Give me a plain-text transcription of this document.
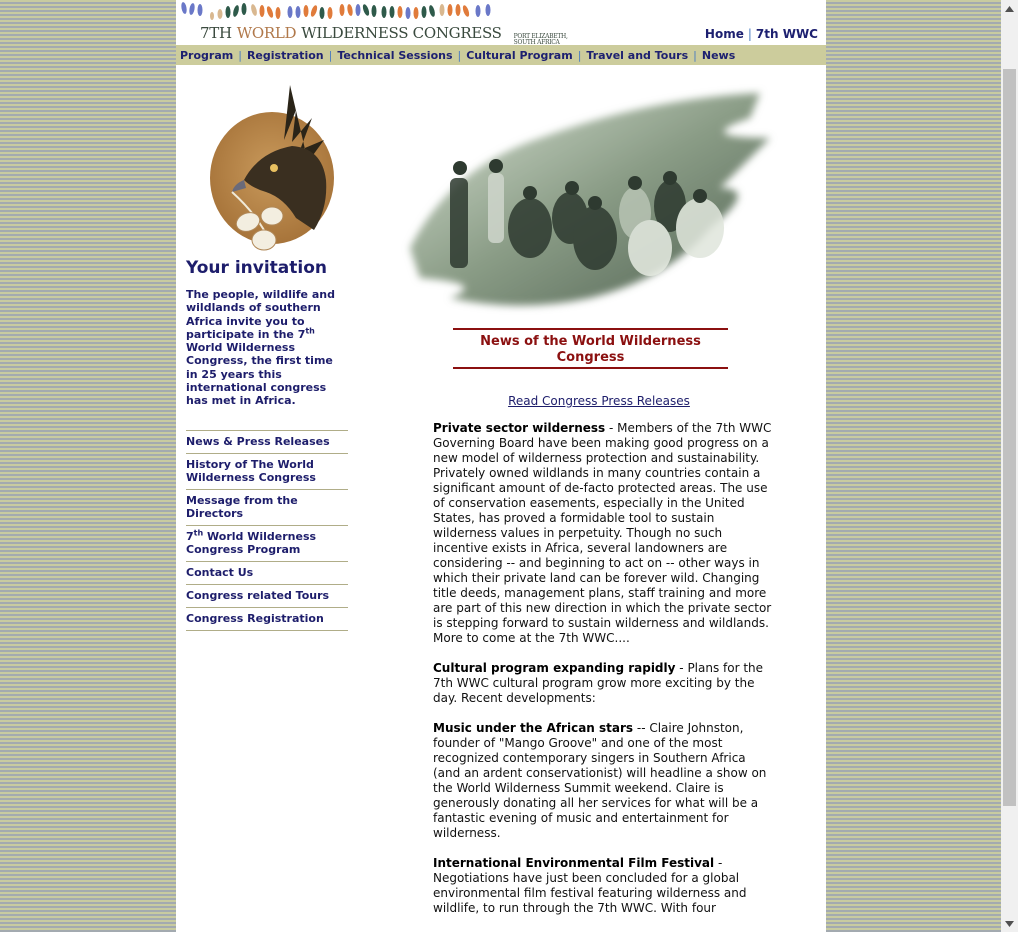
7TH WORLD WILDERNESS CONGRESS PORT ELIZABETH,
SOUTH AFRICA
Home | 7th WWC
Program | Registration | Technical Sessions | Cultural Program | Travel and Tours | News
Your invitation
The people, wildlife and wildlands of southern Africa invite you to participate in the 7th World Wilderness Congress, the first time in 25 years this international congress has met in Africa.
News & Press Releases
History of The World Wilderness Congress
Message from the Directors
7th World Wilderness Congress Program
Contact Us
Congress related Tours
Congress Registration
News of the World Wilderness Congress
Read Congress Press Releases

Private sector wilderness - Members of the 7th WWC Governing Board have been making good progress on a new model of wilderness protection and sustainability. Privately owned wildlands in many countries contain a significant amount of de-facto protected areas. The use of conservation easements, especially in the United States, has proved a formidable tool to sustain wilderness values in perpetuity. Though no such incentive exists in Africa, several landowners are considering -- and beginning to act on -- other ways in which their private land can be forever wild. Changing title deeds, management plans, staff training and more are part of this new direction in which the private sector is stepping forward to sustain wilderness and wildlands. More to come at the 7th WWC....

Cultural program expanding rapidly - Plans for the 7th WWC cultural program grow more exciting by the day. Recent developments:

Music under the African stars -- Claire Johnston, founder of "Mango Groove" and one of the most recognized contemporary singers in Southern Africa (and an ardent conservationist) will headline a show on the World Wilderness Summit weekend. Claire is generously donating all her services for what will be a fantastic evening of music and entertainment for wilderness.

International Environmental Film Festival - Negotiations have just been concluded for a global environmental film festival featuring wilderness and wildlife, to run through the 7th WWC. With four
